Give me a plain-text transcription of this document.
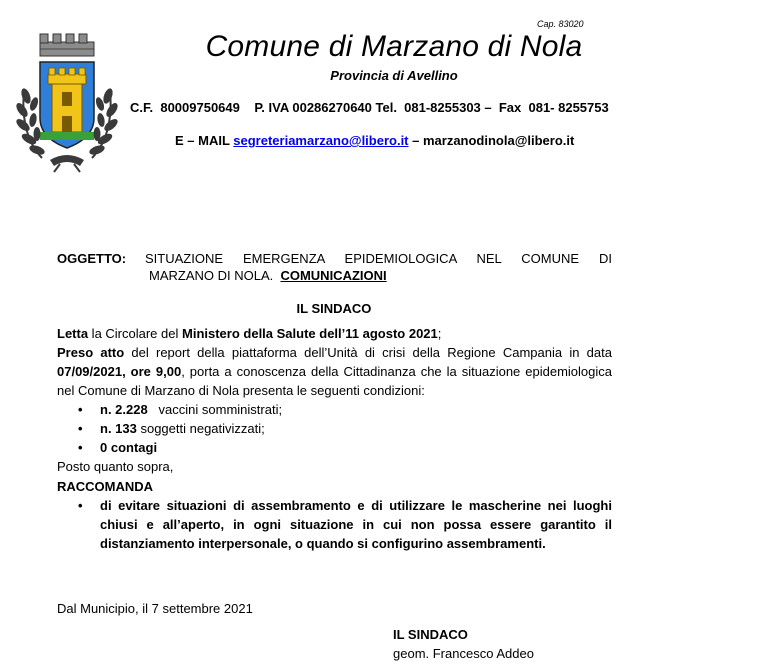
Cap. 83020
Comune di Marzano di Nola
Provincia di Avellino
C.F.  80009750649    P. IVA 00286270640 Tel.  081-8255303 –  Fax  081- 8255753
E – MAIL segreteriamarzano@libero.it – marzanodinola@libero.it
OGGETTO: SITUAZIONE EMERGENZA EPIDEMIOLOGICA NEL COMUNE DI
MARZANO DI NOLA.  COMUNICAZIONI
IL SINDACO

Letta la Circolare del Ministero della Salute dell’11 agosto 2021;

Preso atto del report della piattaforma dell’Unità di crisi della Regione Campania in data 07/09/2021, ore 9,00, porta a conoscenza della Cittadinanza che la situazione epidemiologica nel Comune di Marzano di Nola presenta le seguenti condizioni:

• n. 2.228   vaccini somministrati;
• n. 133 soggetti negativizzati;
• 0 contagi

Posto quanto sopra,

RACCOMANDA

• di evitare situazioni di assembramento e di utilizzare le mascherine nei luoghi chiusi e all’aperto, in ogni situazione in cui non possa essere garantito il distanziamento interpersonale, o quando si configurino assembramenti.
Dal Municipio, il 7 settembre 2021
IL SINDACO
geom. Francesco Addeo
